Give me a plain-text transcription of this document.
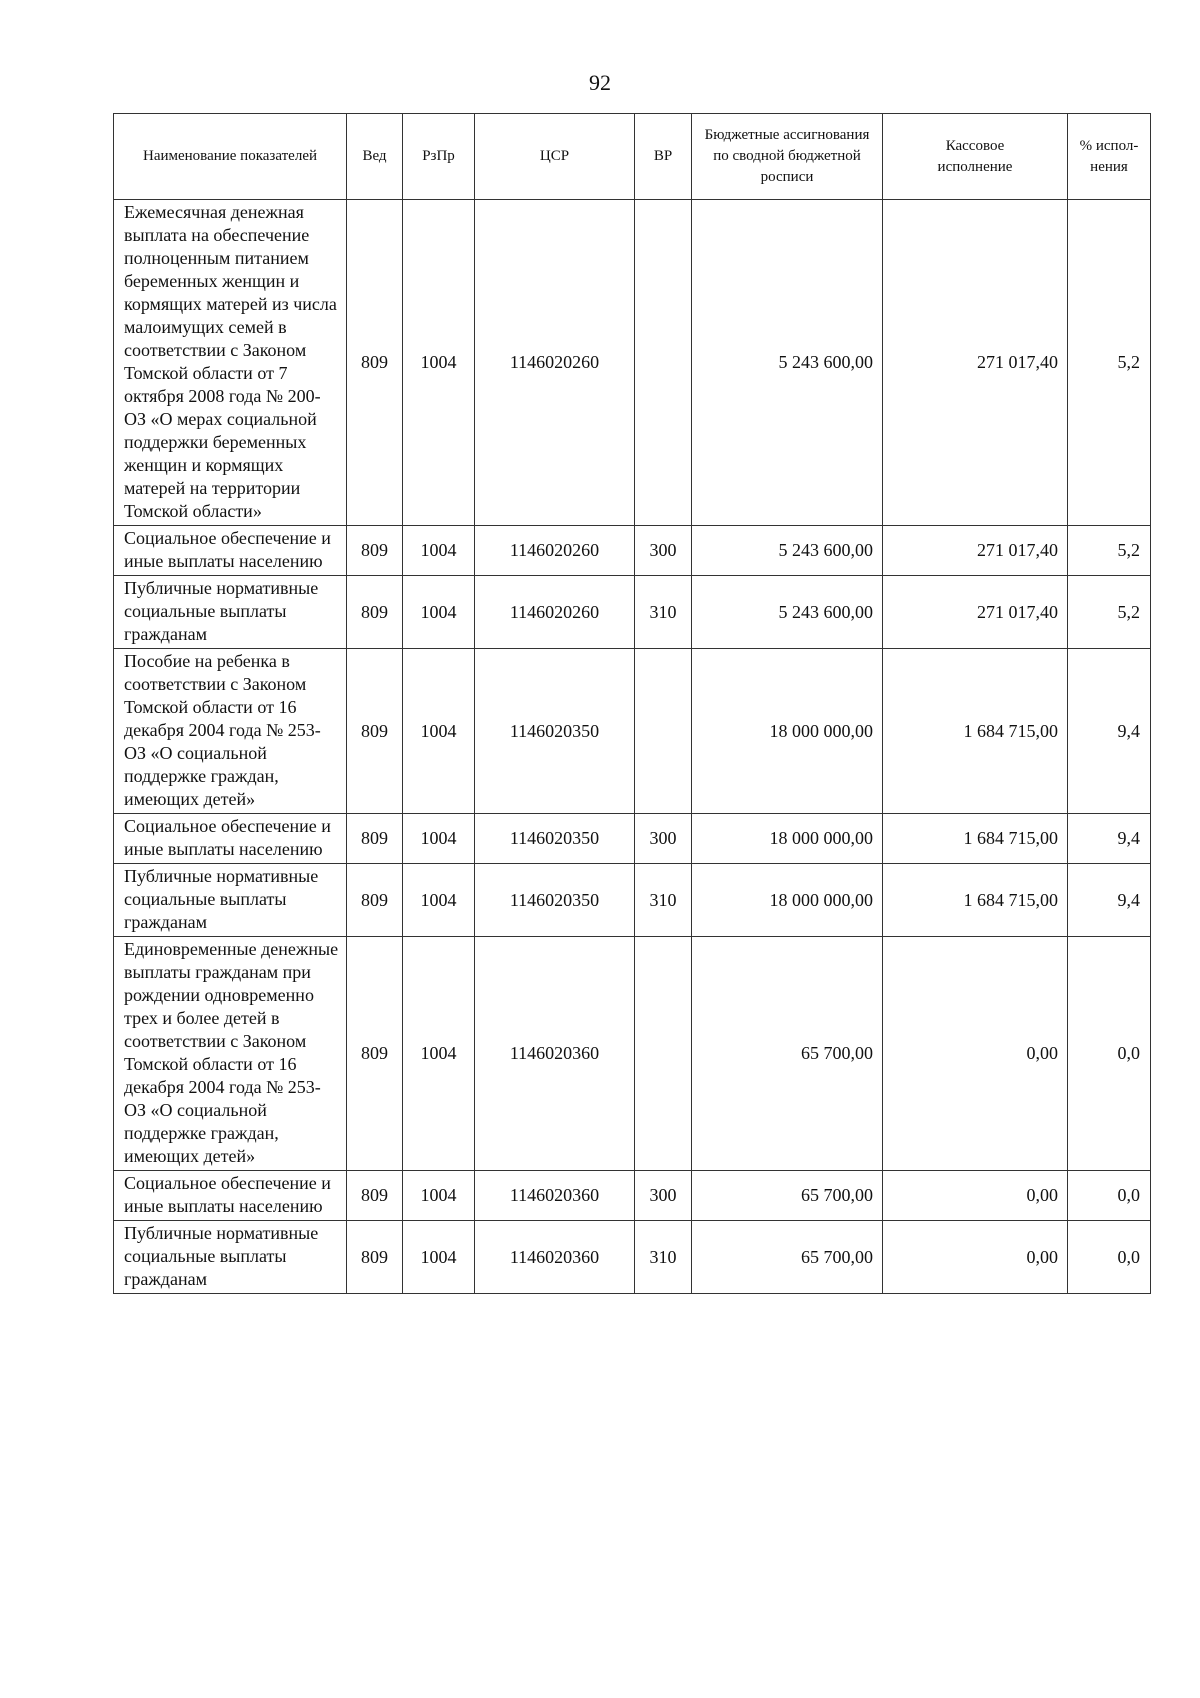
92
Наименование показателей	Вед	РзПр	ЦСР	ВР	Бюджетные ассигнования по сводной бюджетной росписи	Кассовое исполнение	% испол-нения
Ежемесячная денежная выплата на обеспечение полноценным питанием беременных женщин и кормящих матерей из числа малоимущих семей в соответствии с Законом Томской области от 7 октября 2008 года № 200-ОЗ «О мерах социальной поддержки беременных женщин и кормящих матерей на территории Томской области»	809	1004	1146020260		5 243 600,00	271 017,40	5,2
Социальное обеспечение и иные выплаты населению	809	1004	1146020260	300	5 243 600,00	271 017,40	5,2
Публичные нормативные социальные выплаты гражданам	809	1004	1146020260	310	5 243 600,00	271 017,40	5,2
Пособие на ребенка в соответствии с Законом Томской области от 16 декабря 2004 года № 253-ОЗ «О социальной поддержке граждан, имеющих детей»	809	1004	1146020350		18 000 000,00	1 684 715,00	9,4
Социальное обеспечение и иные выплаты населению	809	1004	1146020350	300	18 000 000,00	1 684 715,00	9,4
Публичные нормативные социальные выплаты гражданам	809	1004	1146020350	310	18 000 000,00	1 684 715,00	9,4
Единовременные денежные выплаты гражданам при рождении одновременно трех и более детей в соответствии с Законом Томской области от 16 декабря 2004 года № 253-ОЗ «О социальной поддержке граждан, имеющих детей»	809	1004	1146020360		65 700,00	0,00	0,0
Социальное обеспечение и иные выплаты населению	809	1004	1146020360	300	65 700,00	0,00	0,0
Публичные нормативные социальные выплаты гражданам	809	1004	1146020360	310	65 700,00	0,00	0,0
